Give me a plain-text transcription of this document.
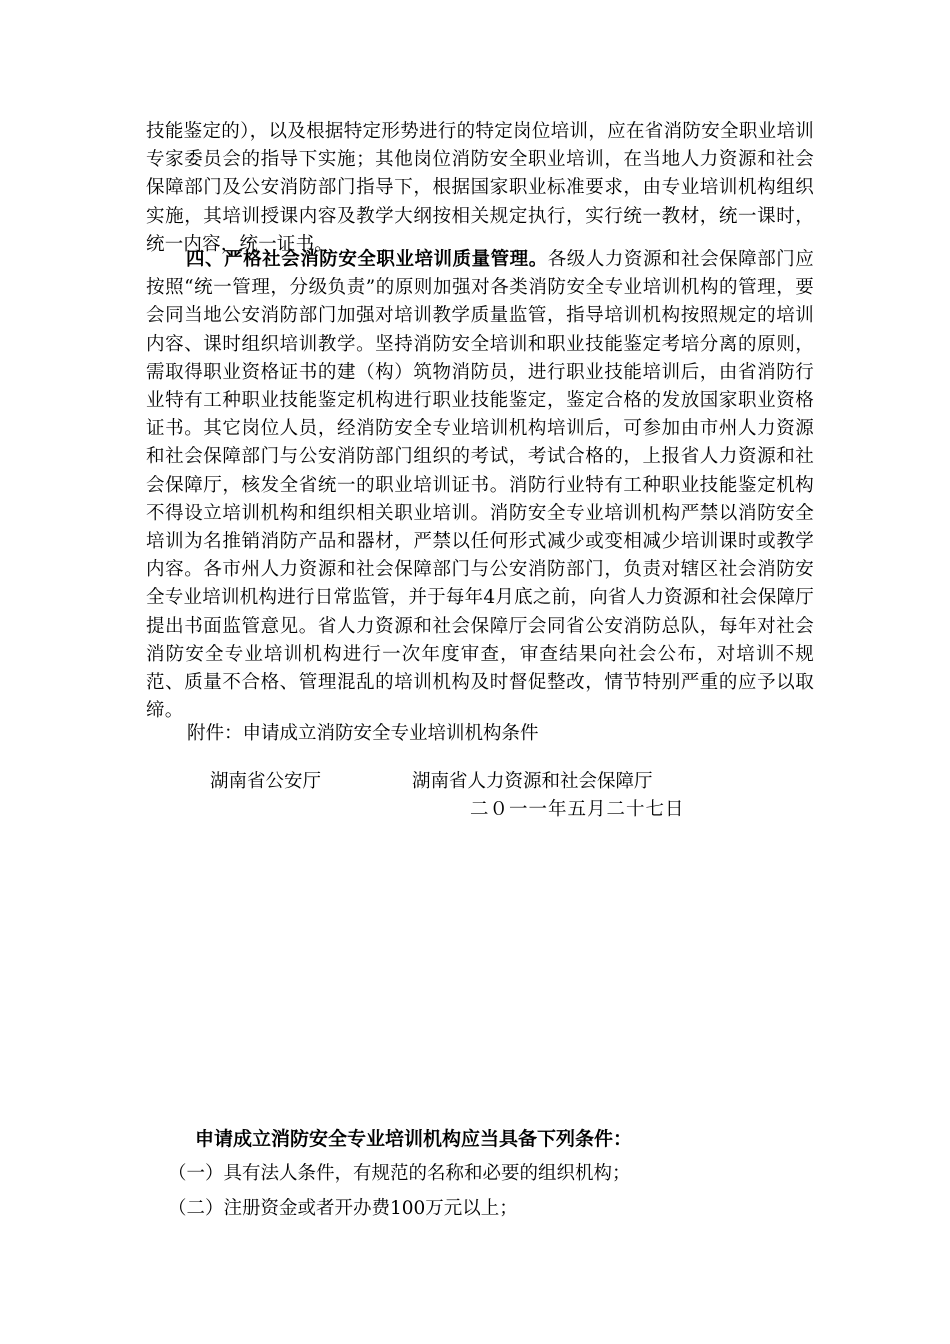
技能鉴定的），以及根据特定形势进行的特定岗位培训，应在省消防安全职业培训专家委员会的指导下实施；其他岗位消防安全职业培训，在当地人力资源和社会保障部门及公安消防部门指导下，根据国家职业标准要求，由专业培训机构组织实施，其培训授课内容及教学大纲按相关规定执行，实行统一教材，统一课时，统一内容，统一证书。

四、严格社会消防安全职业培训质量管理。各级人力资源和社会保障部门应按照“统一管理，分级负责”的原则加强对各类消防安全专业培训机构的管理，要会同当地公安消防部门加强对培训教学质量监管，指导培训机构按照规定的培训内容、课时组织培训教学。坚持消防安全培训和职业技能鉴定考培分离的原则，需取得职业资格证书的建（构）筑物消防员，进行职业技能培训后，由省消防行业特有工种职业技能鉴定机构进行职业技能鉴定，鉴定合格的发放国家职业资格证书。其它岗位人员，经消防安全专业培训机构培训后，可参加由市州人力资源和社会保障部门与公安消防部门组织的考试，考试合格的，上报省人力资源和社会保障厅，核发全省统一的职业培训证书。消防行业特有工种职业技能鉴定机构不得设立培训机构和组织相关职业培训。消防安全专业培训机构严禁以消防安全培训为名推销消防产品和器材，严禁以任何形式减少或变相减少培训课时或教学内容。各市州人力资源和社会保障部门与公安消防部门，负责对辖区社会消防安全专业培训机构进行日常监管，并于每年4月底之前，向省人力资源和社会保障厅提出书面监管意见。省人力资源和社会保障厅会同省公安消防总队，每年对社会消防安全专业培训机构进行一次年度审查，审查结果向社会公布，对培训不规范、质量不合格、管理混乱的培训机构及时督促整改，情节特别严重的应予以取缔。

附件：申请成立消防安全专业培训机构条件
湖南省公安厅	湖南省人力资源和社会保障厅
二０一一年五月二十七日
申请成立消防安全专业培训机构应当具备下列条件：
（一）具有法人条件，有规范的名称和必要的组织机构；
（二）注册资金或者开办费100万元以上；
